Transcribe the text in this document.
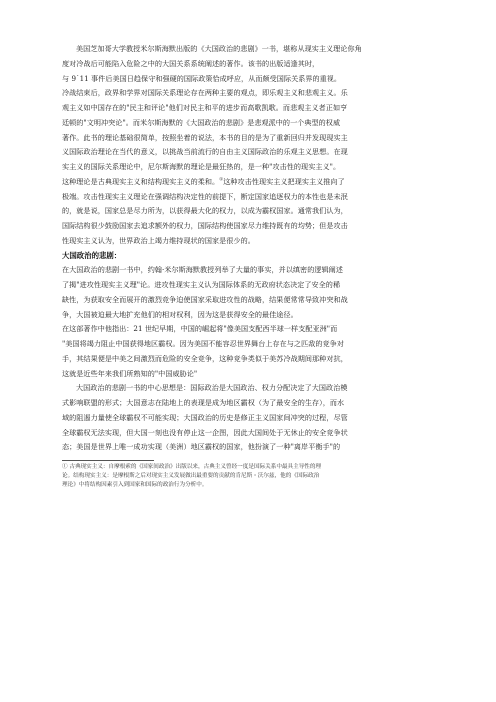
美国芝加哥大学教授米尔斯海默出版的《大国政治的悲剧》一书，堪称从现实主义理论你角
度对冷战后可能陷入危险之中的大国关系系统阐述的著作。该书的出版适逢其时，
与 9˙11 事件后美国日趋保守和强硬的国际政策恰成呼应，从而颇受国际关系界的重视。

冷战结束后，政界和学界对国际关系理论存在两种主要的观点，即乐观主义和悲观主义。乐
观主义如中国存在的"民主和评论"他们对民主和平的进步而高歌凯歌。而悲观主义者正如亨
廷顿的"文明冲突论"。而米尔斯海默的《大国政治的悲剧》是悲观派中的一个典型的权威
著作。此书的理论基础很简单，按照坐着的说法，本书的目的是为了重新回归并发现现实主
义国际政治理论在当代的意义，以挑战当前流行的自由主义国际政治的乐观主义思想。在现
实主义的国际关系理论中，尼尔斯海默的理论是最狂热的，是一种"攻击性的现实主义"。
这种理论是古典现实主义和结构现实主义的柔和。①这种攻击性现实主义把现实主义推向了
极端。攻击性现实主义理论在强调结构决定性的前提下，断定国家追逐权力的本性也是未泯
的，就是说，国家总是尽力所为，以获得最大化的权力，以成为霸权国家。通常我们认为，
国际结构很少鼓励国家去追求额外的权力，国际结构使国家尽力维持既有的均势；但是攻击
性现实主义认为，世界政治上竭力维持现状的国家是很少的。

大国政治的悲剧：

在大国政治的悲剧一书中，约翰·米尔斯海默教授列举了大量的事实，并以缜密的逻辑阐述
了揭"进攻性现实主义理"论。进攻性现实主义认为国际体系的无政府状态决定了安全的稀
缺性，为获取安全而展开的激烈竞争迫使国家采取进攻性的战略，结果便常常导致冲突和战
争，大国被迫最大地扩充他们的相对权利，因为这是获得安全的最佳途径。

在这部著作中他指出：21 世纪早期，中国的崛起将"像美国支配西半球一样支配亚洲"而
"美国将竭力阻止中国获得地区霸权。因为美国不能容忍世界舞台上存在与之匹敌的竞争对
手，其结果便是中美之间激烈而危险的安全竞争，这种竞争类似于美苏冷战期间那种对抗，
这就是近些年来我们所熟知的"中国威胁论"

大国政治的悲剧一书的中心思想是：国际政治是大国政治、权力分配决定了大国政治模
式影响联盟的形式；大国意志在陆地上的表现是成为地区霸权（为了最安全的生存），而水
域的阻遏力量使全球霸权不可能实现；大国政治的历史是修正主义国家间冲突的过程，尽管
全球霸权无法实现，但大国一刻也没有停止这一企图，因此大国间处于无休止的安全竞争状
态；美国是世界上唯一成功实现（美洲）地区霸权的国家，他扮演了一种"离岸平衡手"的

① 古典现实主义：自摩根索的《国家间政治》出版以来，古典主义曾经一度是国际关系中最具主导性的理
论。结构现实主义：是摩根斯之后对现实主义发展做出最重要的贡献的肯尼斯・沃尔兹，他的《国际政治
理论》中将结构因素引入到国家和国际的政治行为分析中。
